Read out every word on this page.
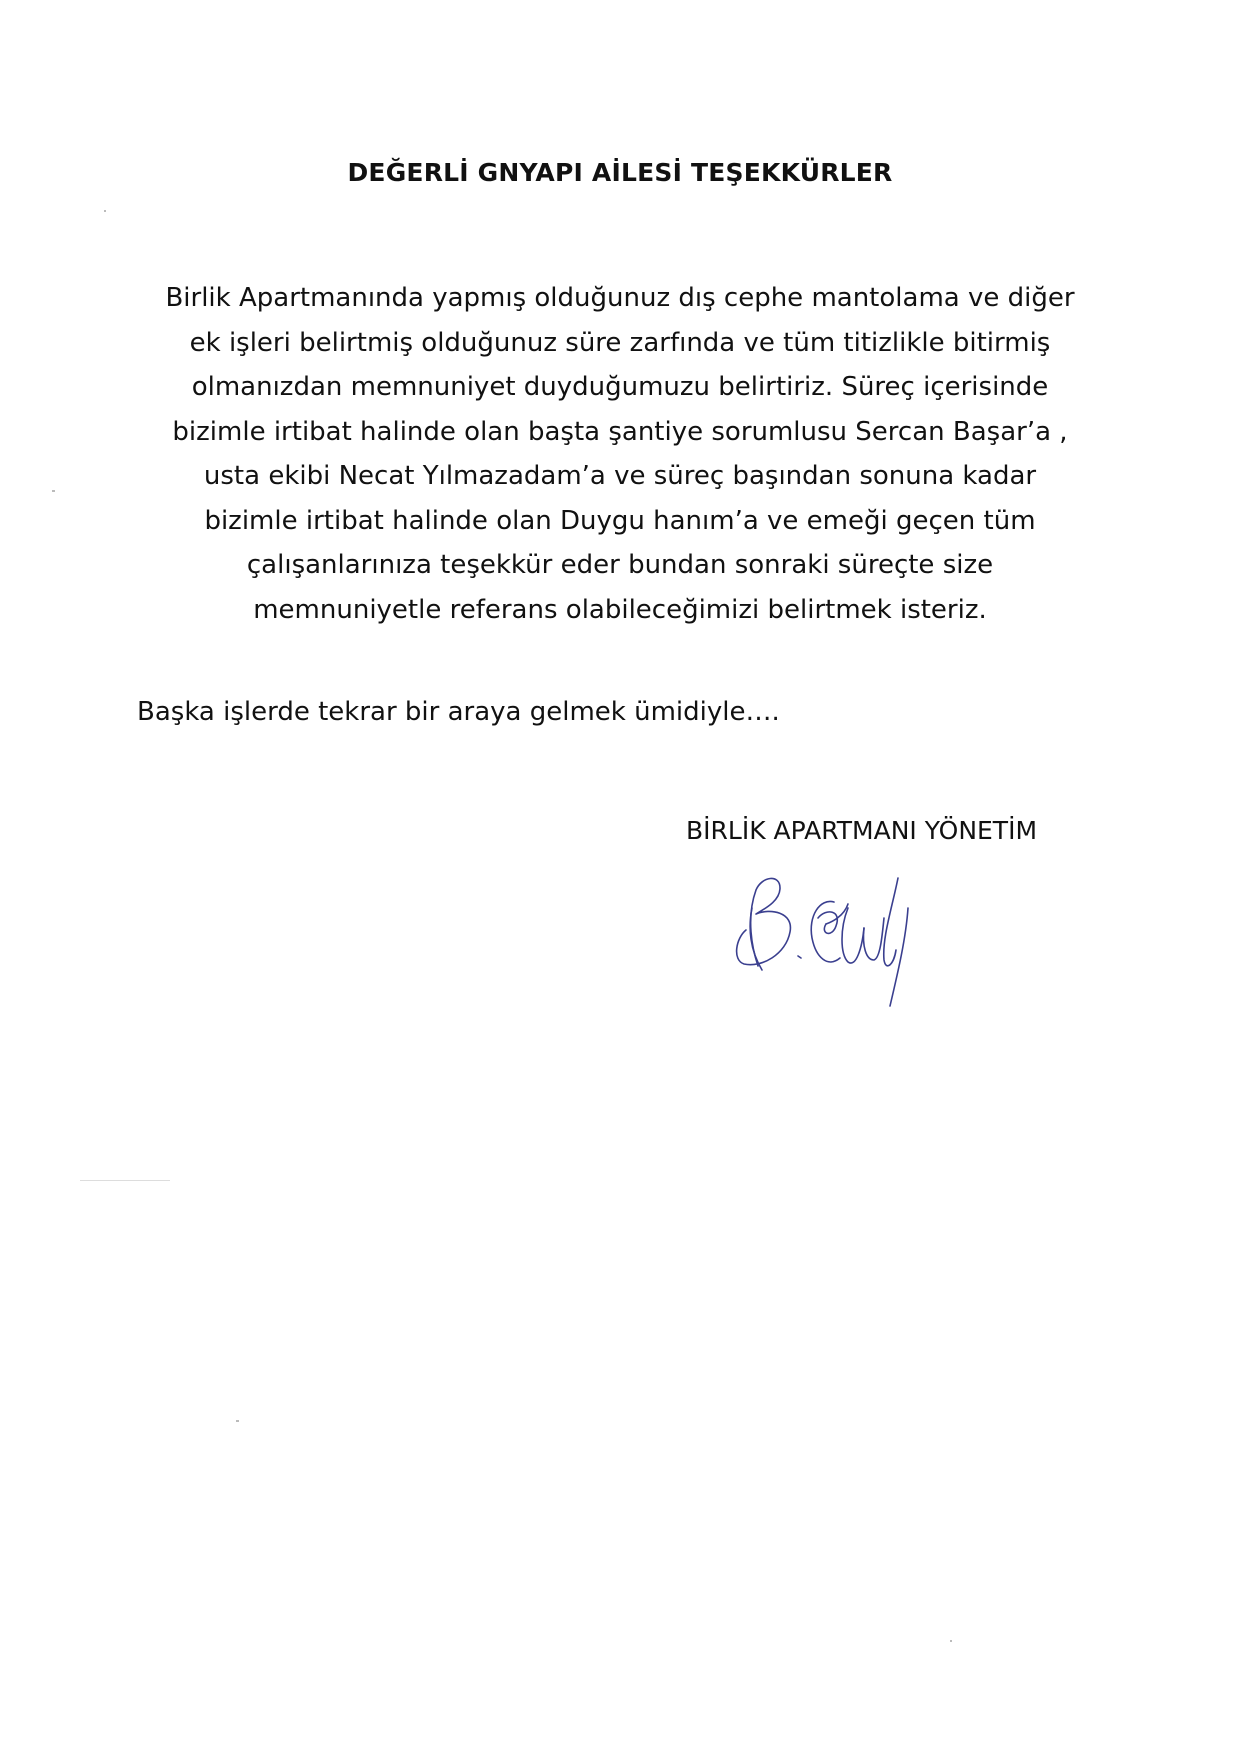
DEĞERLİ GNYAPI AİLESİ TEŞEKKÜRLER
Birlik Apartmanında yapmış olduğunuz dış cephe mantolama ve diğer
ek işleri belirtmiş olduğunuz süre zarfında ve tüm titizlikle bitirmiş
olmanızdan memnuniyet duyduğumuzu belirtiriz. Süreç içerisinde
bizimle irtibat halinde olan başta şantiye sorumlusu Sercan Başar’a ,
usta ekibi Necat Yılmazadam’a ve süreç başından sonuna kadar
bizimle irtibat halinde olan Duygu hanım’a ve emeği geçen tüm
çalışanlarınıza teşekkür eder bundan sonraki süreçte size
memnuniyetle referans olabileceğimizi belirtmek isteriz.
Başka işlerde tekrar bir araya gelmek ümidiyle….
BİRLİK APARTMANI YÖNETİM
